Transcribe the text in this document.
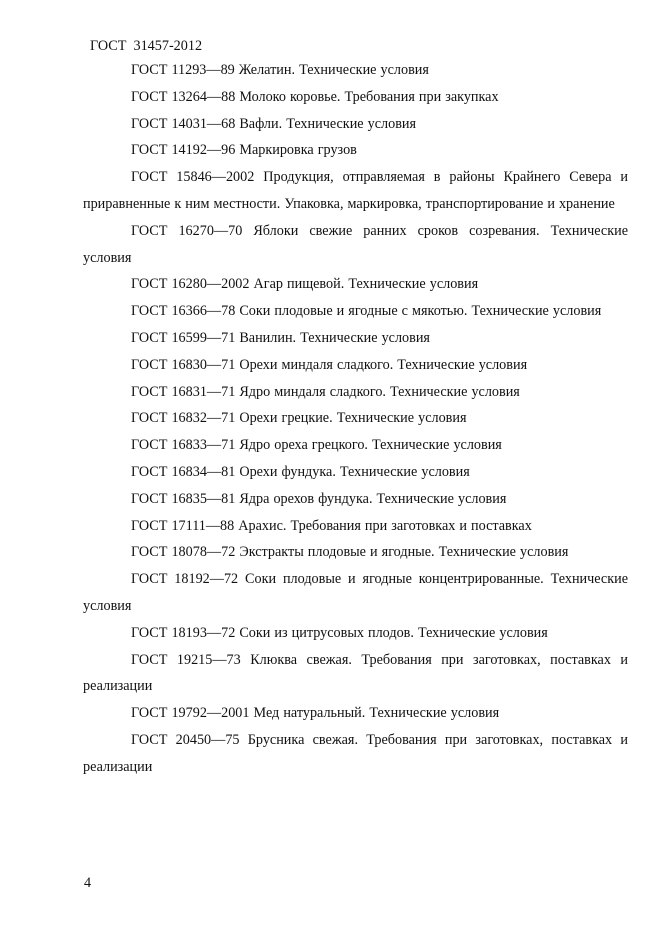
ГОСТ  31457-2012
ГОСТ 11293—89 Желатин. Технические условия
ГОСТ 13264—88 Молоко коровье. Требования при закупках
ГОСТ 14031—68 Вафли. Технические условия
ГОСТ 14192—96 Маркировка грузов
ГОСТ 15846—2002 Продукция, отправляемая в районы Крайнего Севера и приравненные к ним местности. Упаковка, маркировка, транспортирование и хранение
ГОСТ 16270—70 Яблоки свежие ранних сроков созревания. Технические условия
ГОСТ 16280—2002 Агар пищевой. Технические условия
ГОСТ 16366—78 Соки плодовые и ягодные с мякотью. Технические условия
ГОСТ 16599—71 Ванилин. Технические условия
ГОСТ 16830—71 Орехи миндаля сладкого. Технические условия
ГОСТ 16831—71 Ядро миндаля сладкого. Технические условия
ГОСТ 16832—71 Орехи грецкие. Технические условия
ГОСТ 16833—71 Ядро ореха грецкого. Технические условия
ГОСТ 16834—81 Орехи фундука. Технические условия
ГОСТ 16835—81 Ядра орехов фундука. Технические условия
ГОСТ 17111—88 Арахис. Требования при заготовках и поставках
ГОСТ 18078—72 Экстракты плодовые и ягодные. Технические условия
ГОСТ 18192—72 Соки плодовые и ягодные концентрированные. Технические условия
ГОСТ 18193—72 Соки из цитрусовых плодов. Технические условия
ГОСТ 19215—73 Клюква свежая. Требования при заготовках, поставках и реализации
ГОСТ 19792—2001 Мед натуральный. Технические условия
ГОСТ 20450—75 Брусника свежая. Требования при заготовках, поставках и реализации
4
